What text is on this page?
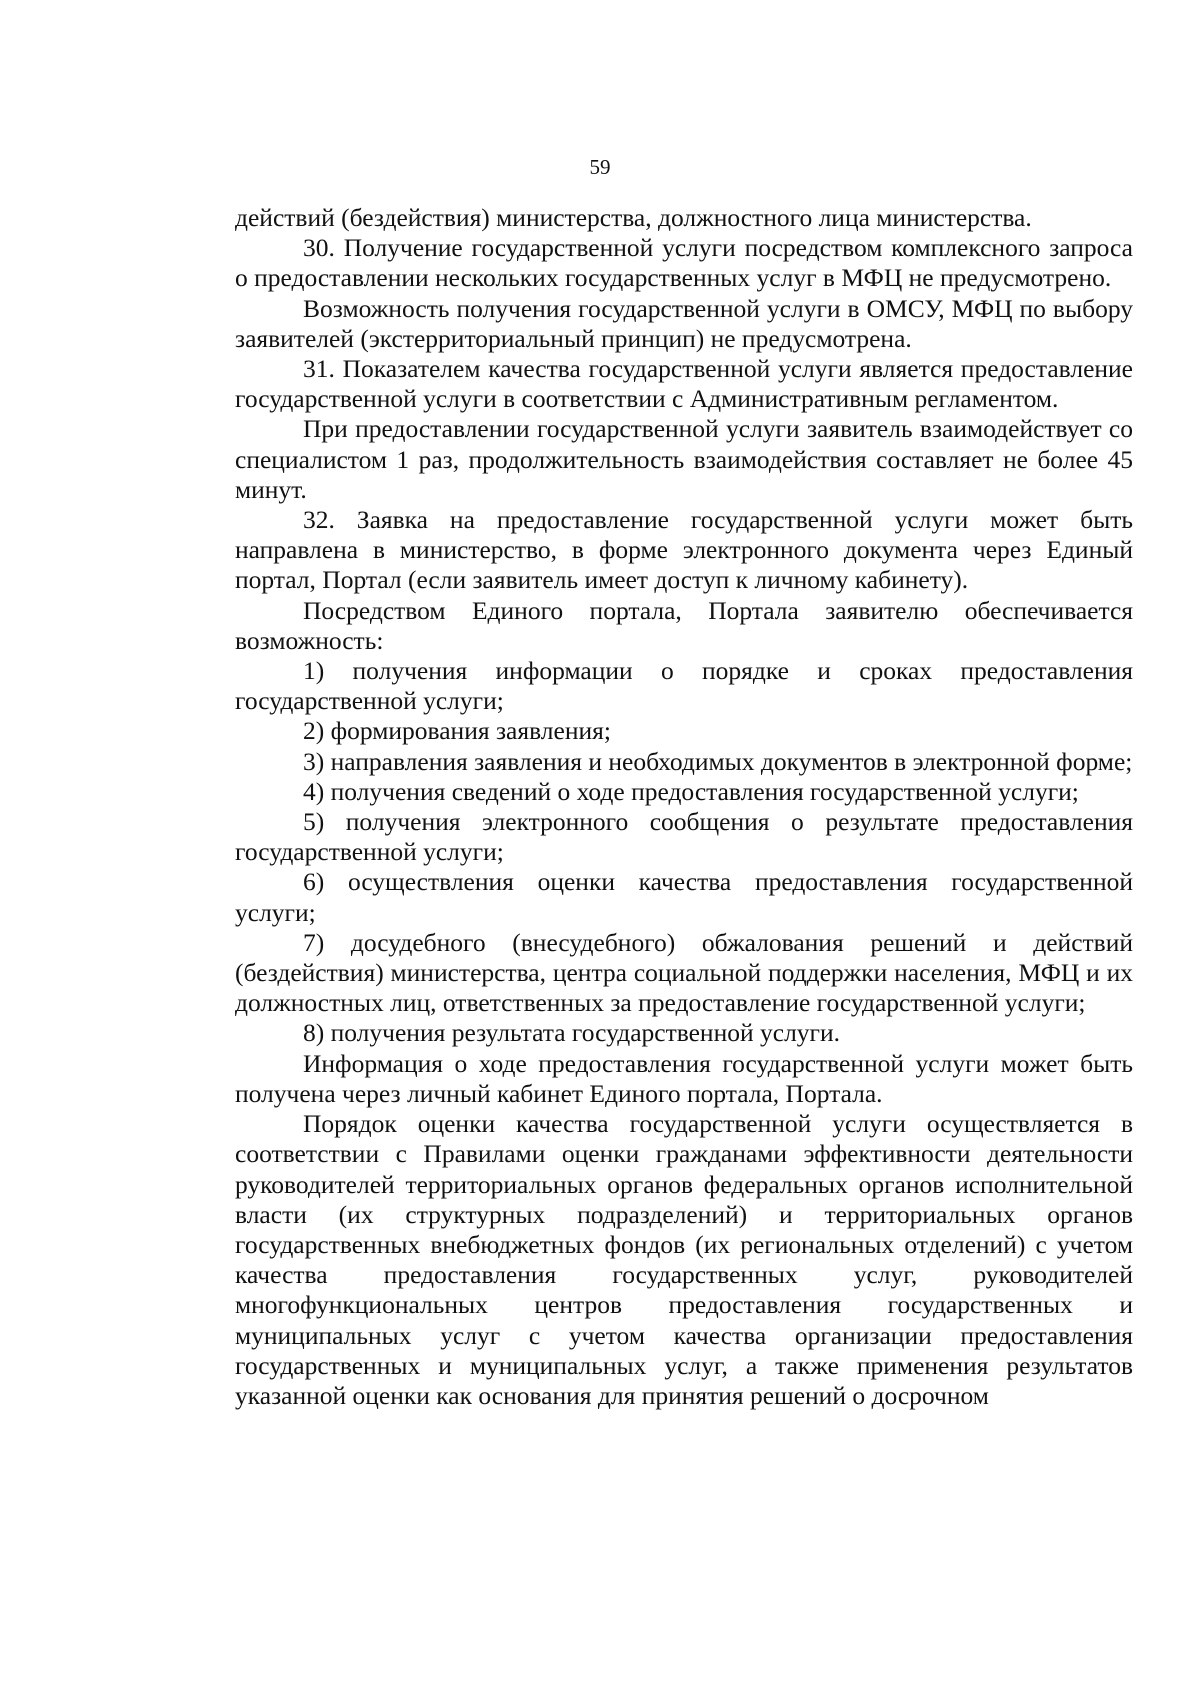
59

действий (бездействия) министерства, должностного лица министерства.

30. Получение государственной услуги посредством комплексного запроса о предоставлении нескольких государственных услуг в МФЦ не предусмотрено.

Возможность получения государственной услуги в ОМСУ, МФЦ по выбору заявителей (экстерриториальный принцип) не предусмотрена.

31. Показателем качества государственной услуги является предоставление государственной услуги в соответствии с Административным регламентом.

При предоставлении государственной услуги заявитель взаимодействует со специалистом 1 раз, продолжительность взаимодействия составляет не более 45 минут.

32. Заявка на предоставление государственной услуги может быть направлена в министерство, в форме электронного документа через Единый портал, Портал (если заявитель имеет доступ к личному кабинету).

Посредством Единого портала, Портала заявителю обеспечивается возможность:

1) получения информации о порядке и сроках предоставления государственной услуги;

2) формирования заявления;

3) направления заявления и необходимых документов в электронной форме;

4) получения сведений о ходе предоставления государственной услуги;

5) получения электронного сообщения о результате предоставления государственной услуги;

6) осуществления оценки качества предоставления государственной услуги;

7) досудебного (внесудебного) обжалования решений и действий (бездействия) министерства, центра социальной поддержки населения, МФЦ и их должностных лиц, ответственных за предоставление государственной услуги;

8) получения результата государственной услуги.

Информация о ходе предоставления государственной услуги может быть получена через личный кабинет Единого портала, Портала.

Порядок оценки качества государственной услуги осуществляется в соответствии с Правилами оценки гражданами эффективности деятельности руководителей территориальных органов федеральных органов исполнительной власти (их структурных подразделений) и территориальных органов государственных внебюджетных фондов (их региональных отделений) с учетом качества предоставления государственных услуг, руководителей многофункциональных центров предоставления государственных и муниципальных услуг с учетом качества организации предоставления государственных и муниципальных услуг, а также применения результатов указанной оценки как основания для принятия решений о досрочном
